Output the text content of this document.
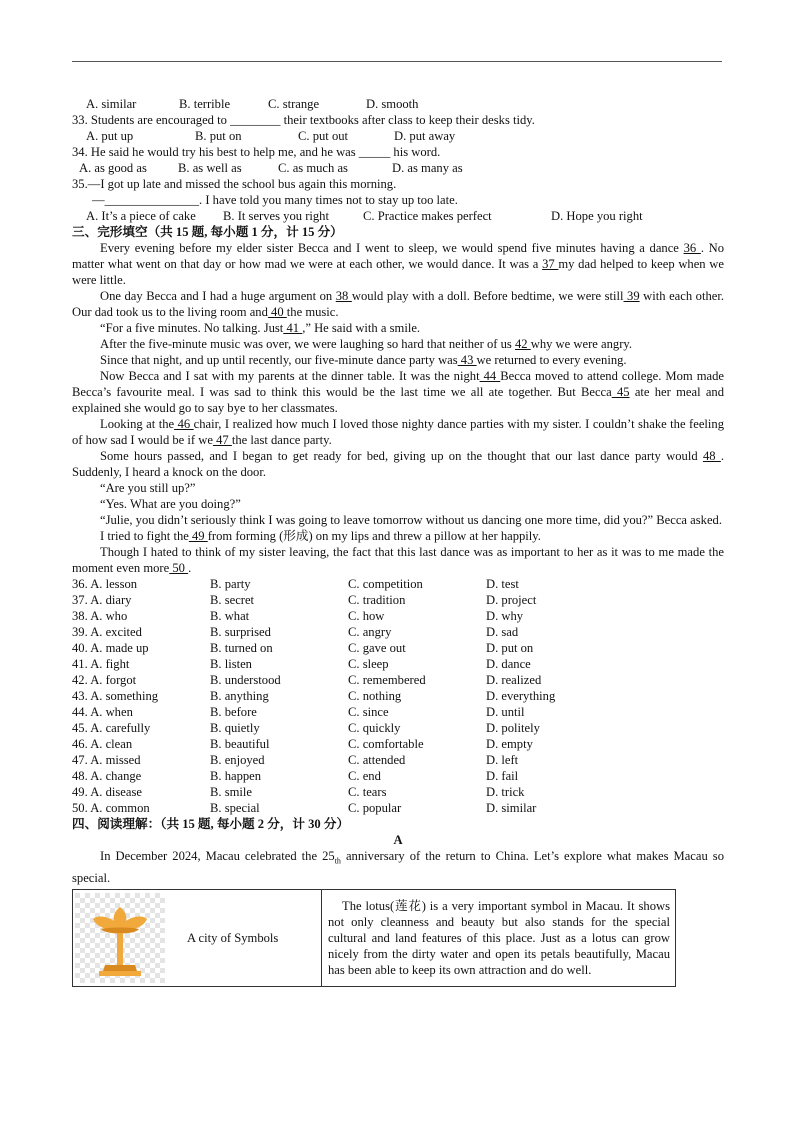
A. similar	B. terrible	C. strange	D. smooth
33. Students are encouraged to ________ their textbooks after class to keep their desks tidy.
A. put up	B. put on	C. put out	D. put away
34. He said he would try his best to help me, and he was _____ his word.
A. as good as B. as well as	C. as much as	D. as many as
35.—I got up late and missed the school bus again this morning.
—_______________. I have told you many times not to stay up too late.
A. It’s a piece of cake B. It serves you right	C. Practice makes perfect	D. Hope you right
三、完形填空（共 15 题, 每小题 1 分，计 15 分）
Every evening before my elder sister Becca and I went to sleep, we would spend five minutes having a dance 36 . No matter what went on that day or how mad we were at each other, we would dance. It was a 37 my dad helped to keep when we were little.
One day Becca and I had a huge argument on 38 would play with a doll. Before bedtime, we were still 39 with each other. Our dad took us to the living room and 40 the music.
“For a five minutes. No talking. Just 41 ,” He said with a smile.
After the five-minute music was over, we were laughing so hard that neither of us 42 why we were angry.
Since that night, and up until recently, our five-minute dance party was 43 we returned to every evening.
Now Becca and I sat with my parents at the dinner table. It was the night 44 Becca moved to attend college. Mom made Becca’s favourite meal. I was sad to think this would be the last time we all ate together. But Becca 45 ate her meal and explained she would go to say bye to her classmates.
Looking at the 46 chair, I realized how much I loved those nighty dance parties with my sister. I couldn’t shake the feeling of how sad I would be if we 47 the last dance party.
Some hours passed, and I began to get ready for bed, giving up on the thought that our last dance party would 48 . Suddenly, I heard a knock on the door.
“Are you still up?”
“Yes. What are you doing?”
“Julie, you didn’t seriously think I was going to leave tomorrow without us dancing one more time, did you?” Becca asked.
I tried to fight the 49 from forming (形成) on my lips and threw a pillow at her happily.
Though I hated to think of my sister leaving, the fact that this last dance was as important to her as it was to me made the moment even more 50 .
36. A. lesson	B. party	C. competition	D. test
37. A. diary	B. secret	C. tradition	D. project
38. A. who	B. what	C. how	D. why
39. A. excited	B. surprised	C. angry	D. sad
40. A. made up	B. turned on	C. gave out	D. put on
41. A. fight	B. listen	C. sleep	D. dance
42. A. forgot	B. understood	C. remembered	D. realized
43. A. something	B. anything	C. nothing	D. everything
44. A. when	B. before	C. since	D. until
45. A. carefully	B. quietly	C. quickly	D. politely
46. A. clean	B. beautiful	C. comfortable	D. empty
47. A. missed	B. enjoyed	C. attended	D. left
48. A. change	B. happen	C. end	D. fail
49. A. disease	B. smile	C. tears	D. trick
50. A. common	B. special	C. popular	D. similar
四、阅读理解：（共 15 题, 每小题 2 分，计 30 分）
A
In December 2024, Macau celebrated the $25_{th}$ anniversary of the return to China. Let’s explore what makes Macau so special.
A city of Symbols
	The lotus(莲花) is a very important symbol in Macau. It shows not only cleanness and beauty but also stands for the special cultural and land features of this place. Just as a lotus can grow nicely from the dirty water and open its petals beautifully, Macau has been able to keep its own attraction and do well.
